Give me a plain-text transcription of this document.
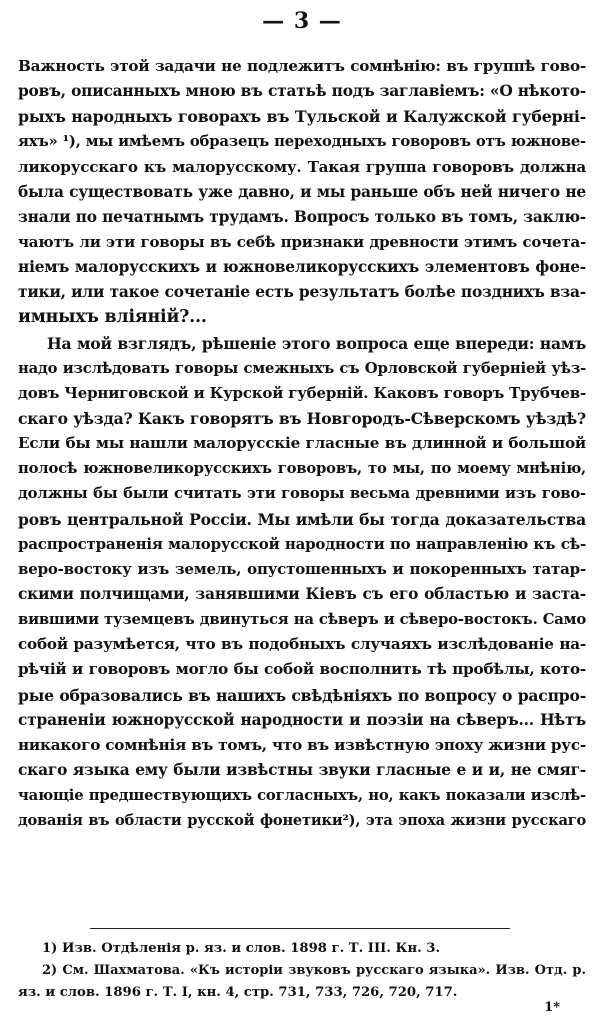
— 3 —
Важность этой задачи не подлежитъ сомнѣнію: въ группѣ гово-
ровъ, описанныхъ мною въ статьѣ подъ заглавіемъ: «О нѣкото-
рыхъ народныхъ говорахъ въ Тульской и Калужской губерні-
яхъ» ¹), мы имѣемъ образецъ переходныхъ говоровъ отъ южнове-
ликорусскаго къ малорусскому. Такая группа говоровъ должна
была существовать уже давно, и мы раньше объ ней ничего не
знали по печатнымъ трудамъ. Вопросъ только въ томъ, заклю-
чаютъ ли эти говоры въ себѣ признаки древности этимъ сочета-
ніемъ малорусскихъ и южновеликорусскихъ элементовъ фоне-
тики, или такое сочетаніе есть результатъ болѣе позднихъ вза-
имныхъ вліяній?...
На мой взглядъ, рѣшеніе этого вопроса еще впереди: намъ
надо изслѣдовать говоры смежныхъ съ Орловской губерніей уѣз-
довъ Черниговской и Курской губерній. Каковъ говоръ Трубчев-
скаго уѣзда? Какъ говорятъ въ Новгородъ-Сѣверскомъ уѣздѣ?
Если бы мы нашли малорусскіе гласные въ длинной и большой
полосѣ южновеликорусскихъ говоровъ, то мы, по моему мнѣнію,
должны бы были считать эти говоры весьма древними изъ гово-
ровъ центральной Россіи. Мы имѣли бы тогда доказательства
распространенія малорусской народности по направленію къ сѣ-
веро-востоку изъ земель, опустошенныхъ и покоренныхъ татар-
скими полчищами, занявшими Кіевъ съ его областью и заста-
вившими туземцевъ двинуться на сѣверъ и сѣверо-востокъ. Само
собой разумѣется, что въ подобныхъ случаяхъ изслѣдованіе на-
рѣчій и говоровъ могло бы собой восполнить тѣ пробѣлы, кото-
рые образовались въ нашихъ свѣдѣніяхъ по вопросу о распро-
страненіи южнорусской народности и поэзіи на сѣверъ... Нѣтъ
никакого сомнѣнія въ томъ, что въ извѣстную эпоху жизни рус-
скаго языка ему были извѣстны звуки гласные е и и, не смяг-
чающіе предшествующихъ согласныхъ, но, какъ показали изслѣ-
дованія въ области русской фонетики²), эта эпоха жизни русскаго
1) Изв. Отдѣленія р. яз. и слов. 1898 г. Т. III. Кн. 3.
2) См. Шахматова. «Къ исторіи звуковъ русскаго языка». Изв. Отд. р.
яз. и слов. 1896 г. Т. I, кн. 4, стр. 731, 733, 726, 720, 717.
1*
